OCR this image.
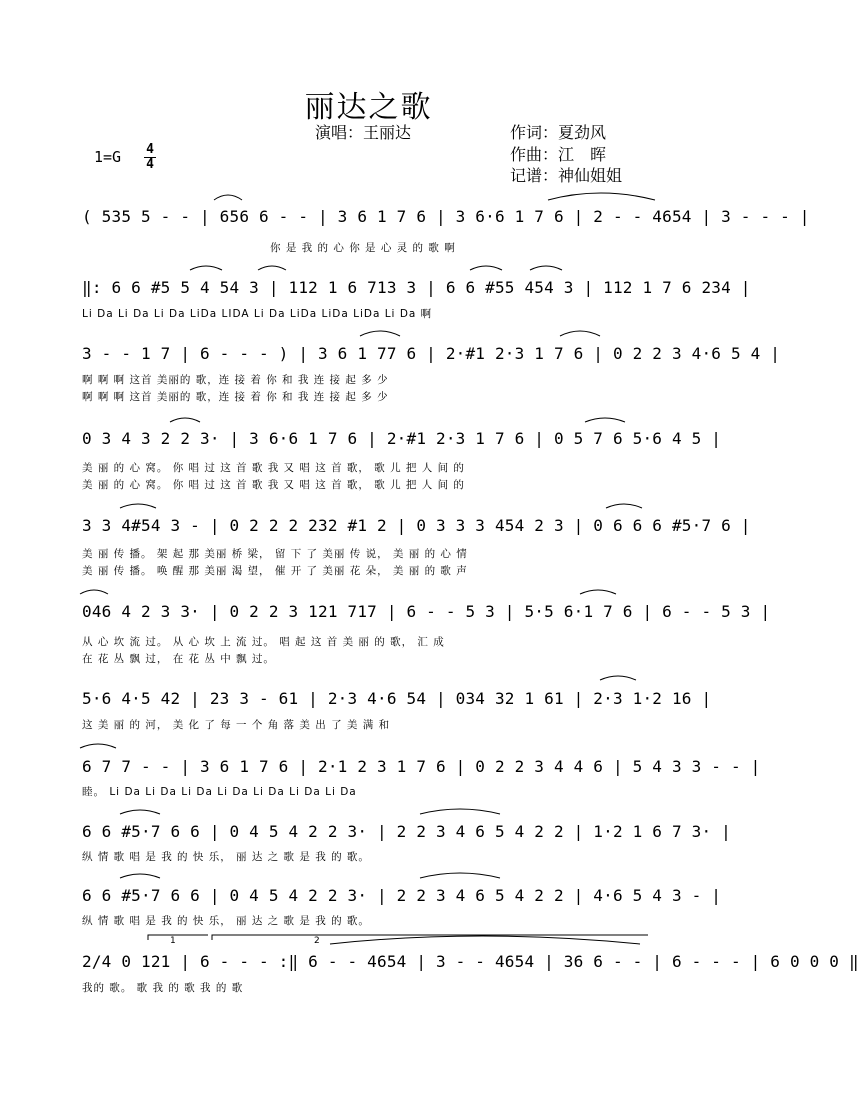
丽达之歌
演唱：王丽达	作词：夏劲风
作曲：江　晖
记谱：神仙姐姐
1=G 4
4
( 535 5 - - | 656 6 - - | 3 6 1 7 6 | 3 6·6 1 7 6 | 2 - - 4654 | 3 - - - |
你 是 我 的 心 你 是 心 灵 的 歌 啊
‖: 6 6 #5 5 4 54 3 | 112 1 6 713 3 | 6 6 #55 454 3 | 112 1 7 6 234 |
Li Da Li Da Li Da LiDa LIDA Li Da LiDa LiDa LiDa Li Da 啊
3 - - 1 7 | 6 - - - ) | 3 6 1 77 6 | 2·#1 2·3 1 7 6 | 0 2 2 3 4·6 5 4 |
啊 啊 啊 这首 美丽的 歌，连 接 着 你 和 我 连 接 起 多 少
啊 啊 啊 这首 美丽的 歌，连 接 着 你 和 我 连 接 起 多 少
0 3 4 3 2 2 3· | 3 6·6 1 7 6 | 2·#1 2·3 1 7 6 | 0 5 7 6 5·6 4 5 |
美 丽 的 心 窝。 你 唱 过 这 首 歌 我 又 唱 这 首 歌， 歌 儿 把 人 间 的
美 丽 的 心 窝。 你 唱 过 这 首 歌 我 又 唱 这 首 歌， 歌 儿 把 人 间 的
3 3 4#54 3 - | 0 2 2 2 232 #1 2 | 0 3 3 3 454 2 3 | 0 6 6 6 #5·7 6 |
美 丽 传 播。 架 起 那 美丽 桥 梁， 留 下 了 美丽 传 说， 美 丽 的 心 情
美 丽 传 播。 唤 醒 那 美丽 渴 望， 催 开 了 美丽 花 朵， 美 丽 的 歌 声
046 4 2 3 3· | 0 2 2 3 121 717 | 6 - - 5 3 | 5·5 6·1 7 6 | 6 - - 5 3 |
从 心 坎 流 过。 从 心 坎 上 流 过。 唱 起 这 首 美 丽 的 歌， 汇 成
在 花 丛 飘 过， 在 花 丛 中 飘 过。
5·6 4·5 42 | 23 3 - 61 | 2·3 4·6 54 | 034 32 1 61 | 2·3 1·2 16 |
这 美 丽 的 河， 美 化 了 每 一 个 角 落 美 出 了 美 满 和
6 7 7 - - | 3 6 1 7 6 | 2·1 2 3 1 7 6 | 0 2 2 3 4 4 6 | 5 4 3 3 - - |
睦。 Li Da Li Da Li Da Li Da Li Da Li Da Li Da
6 6 #5·7 6 6 | 0 4 5 4 2 2 3· | 2 2 3 4 6 5 4 2 2 | 1·2 1 6 7 3· |
纵 情 歌 唱 是 我 的 快 乐， 丽 达 之 歌 是 我 的 歌。
6 6 #5·7 6 6 | 0 4 5 4 2 2 3· | 2 2 3 4 6 5 4 2 2 | 4·6 5 4 3 - |
纵 情 歌 唱 是 我 的 快 乐， 丽 达 之 歌 是 我 的 歌。
2/4 0 121 | 6 - - - :‖ 6 - - 4654 | 3 - - 4654 | 36 6 - - | 6 - - - | 6 0 0 0 ‖
我的 歌。 歌 我 的 歌 我 的 歌
1	2
